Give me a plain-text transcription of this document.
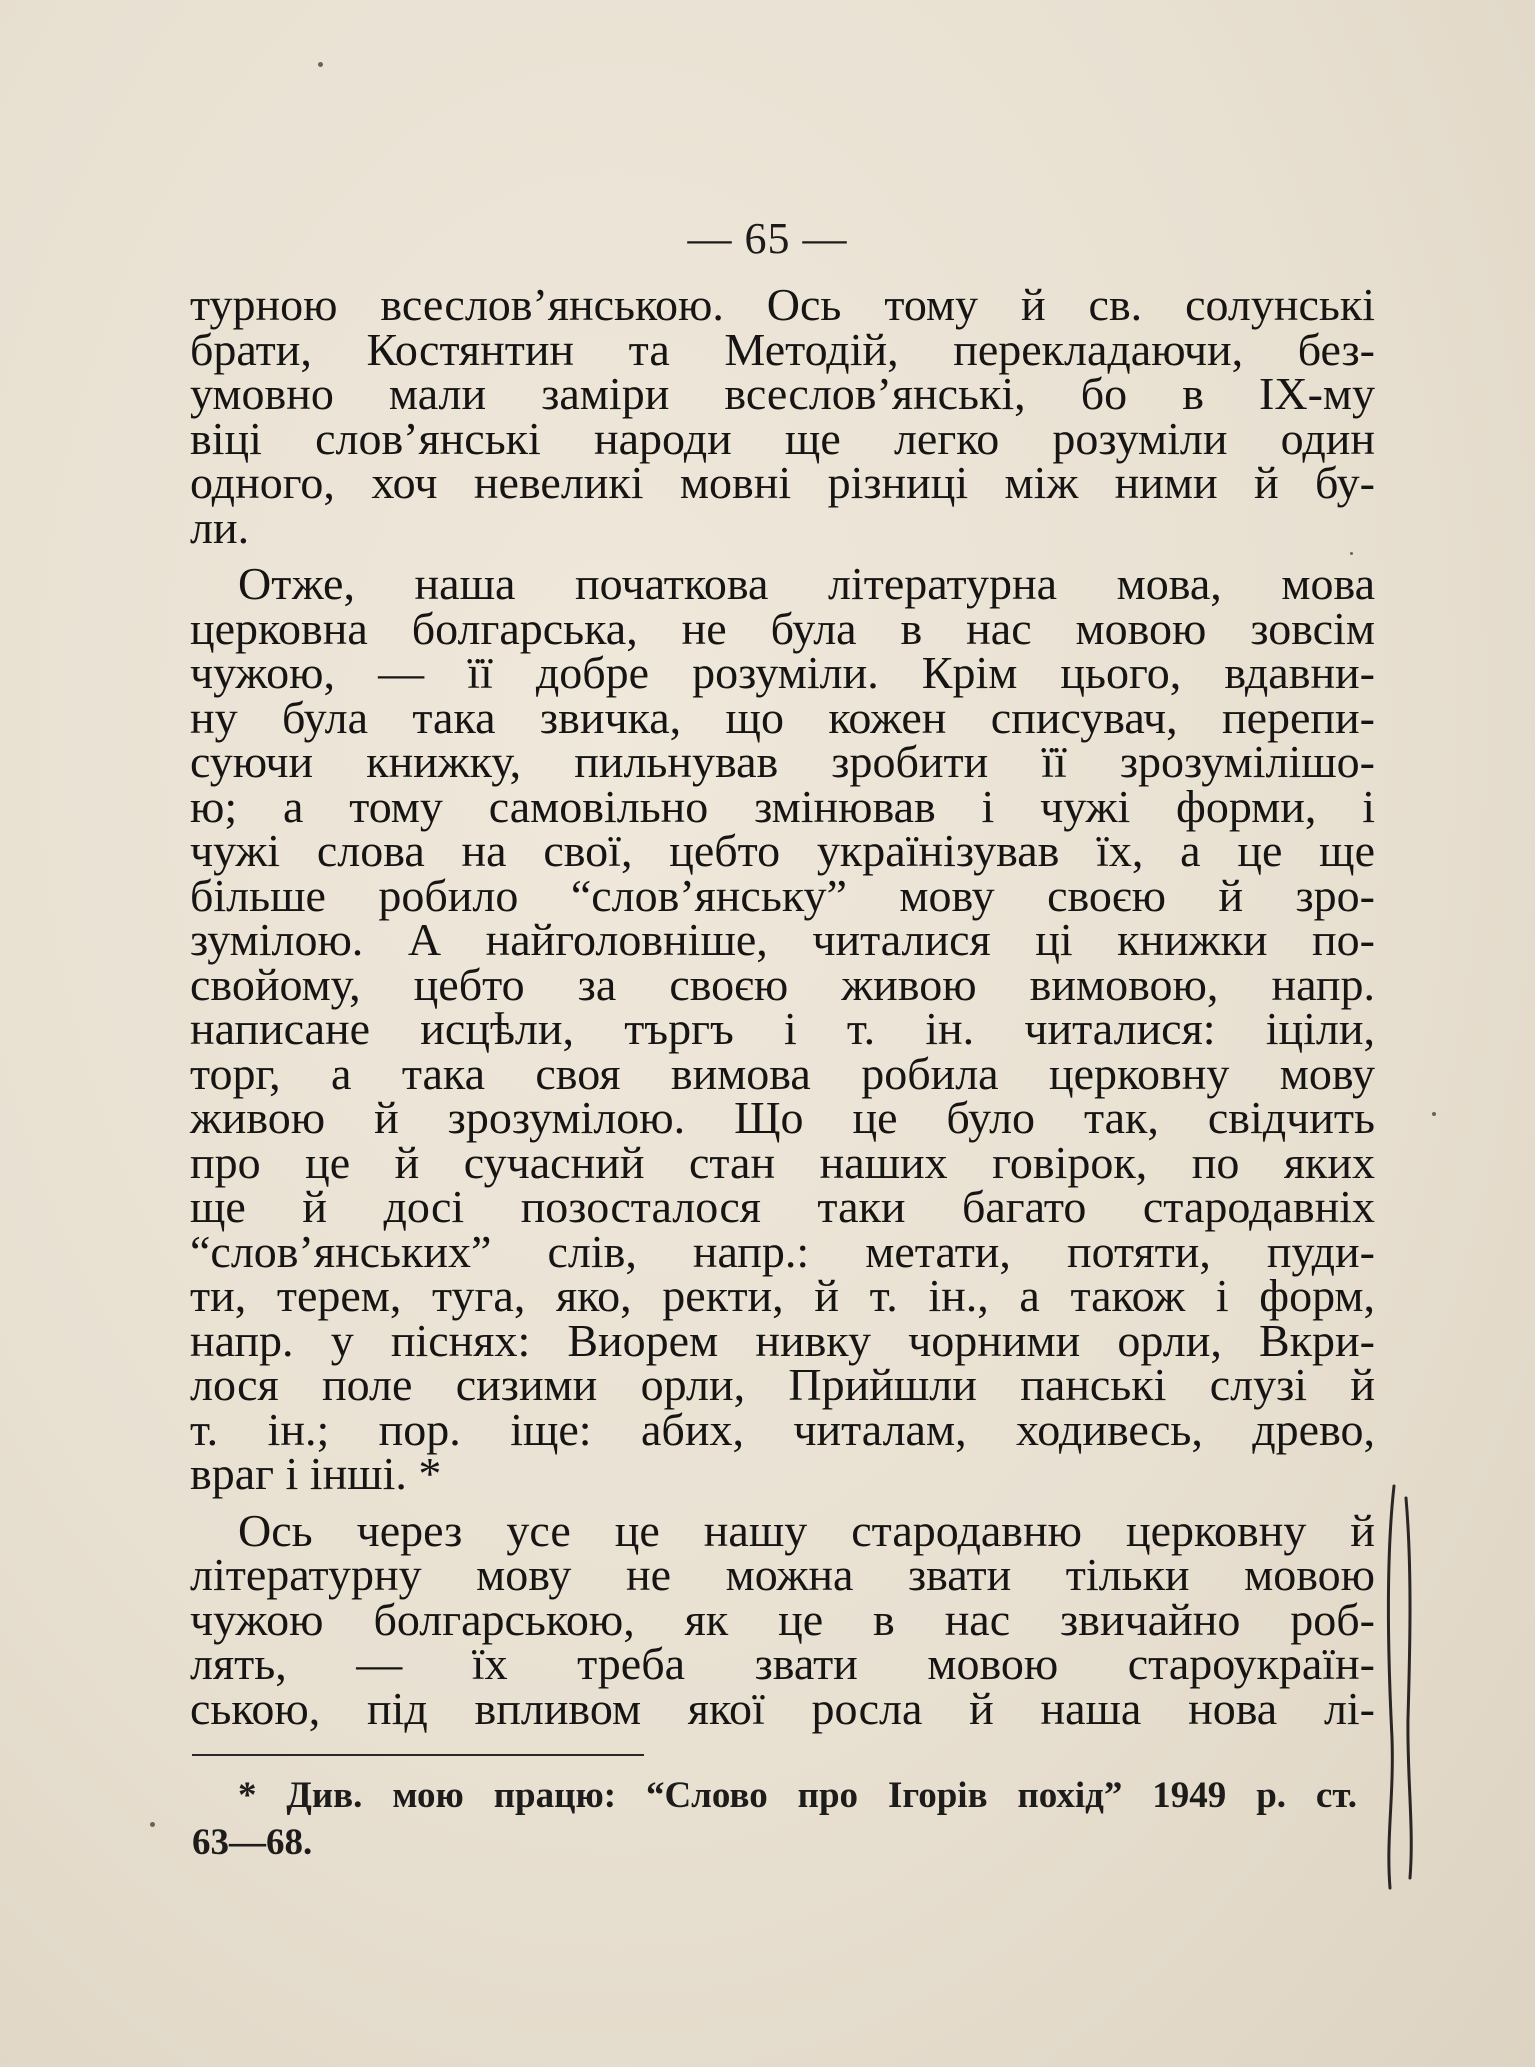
— 65 —
турною всеслов’янською. Ось тому й св. солунські
брати, Костянтин та Методій, перекладаючи, без-
умовно мали заміри всеслов’янські, бо в IX-му
віці слов’янські народи ще легко розуміли один
одного, хоч невеликі мовні різниці між ними й бу-
ли.
Отже, наша початкова літературна мова, мова
церковна болгарська, не була в нас мовою зовсім
чужою, — її добре розуміли. Крім цього, вдавни-
ну була така звичка, що кожен списувач, перепи-
суючи книжку, пильнував зробити її зрозумілішо-
ю; а тому самовільно змінював і чужі форми, і
чужі слова на свої, цебто українізував їх, а це ще
більше робило “слов’янську” мову своєю й зро-
зумілою. А найголовніше, читалися ці книжки по-
свойому, цебто за своєю живою вимовою, напр.
написане исцѣли, търгъ і т. ін. читалися: іціли,
торг, а така своя вимова робила церковну мову
живою й зрозумілою. Що це було так, свідчить
про це й сучасний стан наших говірок, по яких
ще й досі позосталося таки багато стародавніх
“слов’янських” слів, напр.: метати, потяти, пуди-
ти, терем, туга, яко, ректи, й т. ін., а також і форм,
напр. у піснях: Виорем нивку чорними орли, Вкри-
лося поле сизими орли, Прийшли панські слузі й
т. ін.; пор. іще: абих, читалам, ходивесь, древо,
враг і інші. *
Ось через усе це нашу стародавню церковну й
літературну мову не можна звати тільки мовою
чужою болгарською, як це в нас звичайно роб-
лять, — їх треба звати мовою староукраїн-
ською, під впливом якої росла й наша нова лі-
* Див. мою працю: “Слово про Ігорів похід” 1949 р. ст.
63—68.
